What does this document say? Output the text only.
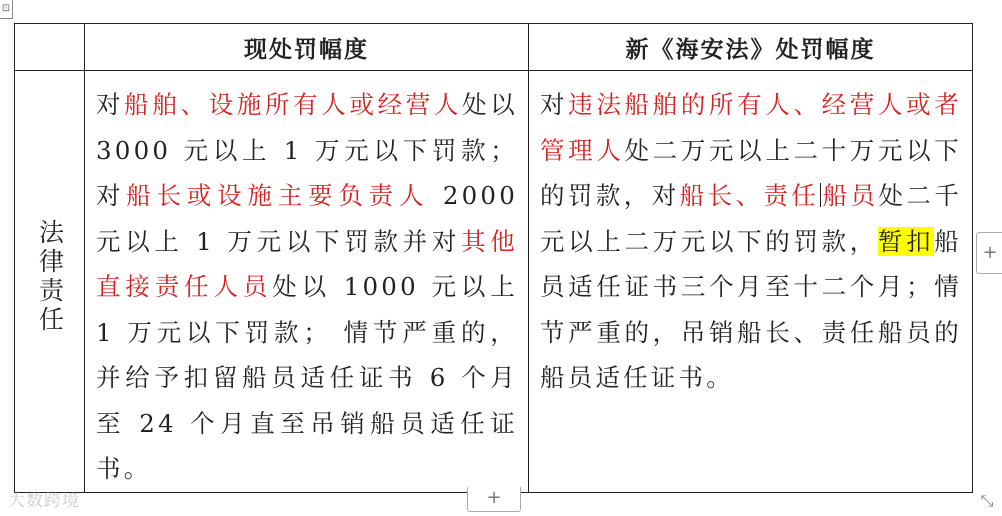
⊡
	现处罚幅度	新《海安法》处罚幅度

法律责任	对船舶、设施所有人或经营人处以 3000 元以上 1 万元以下罚款；对船长或设施主要负责人 2000 元以上 1 万元以下罚款并对其他直接责任人员处以 1000 元以上 1 万元以下罚款； 情节严重的，并给予扣留船员适任证书 6 个月至 24 个月直至吊销船员适任证书。	对违法船舶的所有人、经营人或者管理人处二万元以上二十万元以下的罚款，对船长、责任 船员处二千元以上二万元以下的罚款，暂扣船员适任证书三个月至十二个月；情节严重的，吊销船长、责任船员的船员适任证书。
+
+	⤡
大数跨境
